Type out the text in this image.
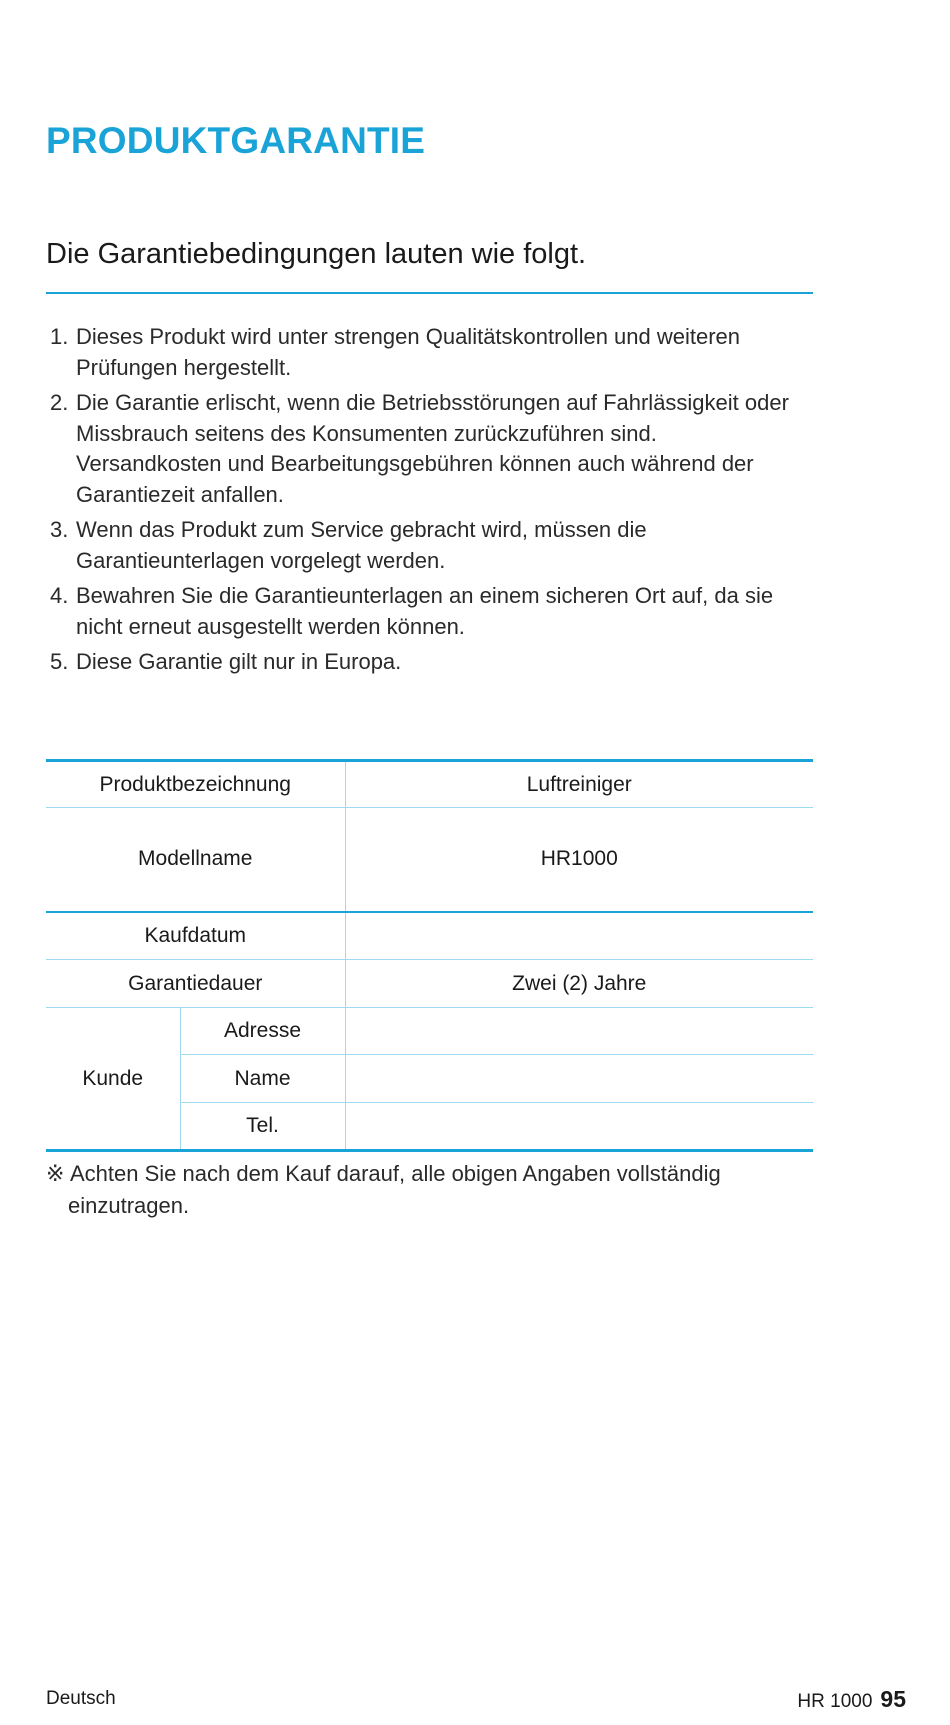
PRODUKTGARANTIE
Die Garantiebedingungen lauten wie folgt.
1. Dieses Produkt wird unter strengen Qualitätskontrollen und weiteren
Prüfungen hergestellt.
2. Die Garantie erlischt, wenn die Betriebsstörungen auf Fahrlässigkeit oder
Missbrauch seitens des Konsumenten zurückzuführen sind.
Versandkosten und Bearbeitungsgebühren können auch während der
Garantiezeit anfallen.
3. Wenn das Produkt zum Service gebracht wird, müssen die
Garantieunterlagen vorgelegt werden.
4. Bewahren Sie die Garantieunterlagen an einem sicheren Ort auf, da sie
nicht erneut ausgestellt werden können.
5. Diese Garantie gilt nur in Europa.
Produktbezeichnung		Luftreiniger
Modellname		HR1000
Kaufdatum		
Garantiedauer		Zwei (2) Jahre
Kunde	Adresse	
	Name	
	Tel.	
※ Achten Sie nach dem Kauf darauf, alle obigen Angaben vollständig
einzutragen.
Deutsch	HR 1000 95
